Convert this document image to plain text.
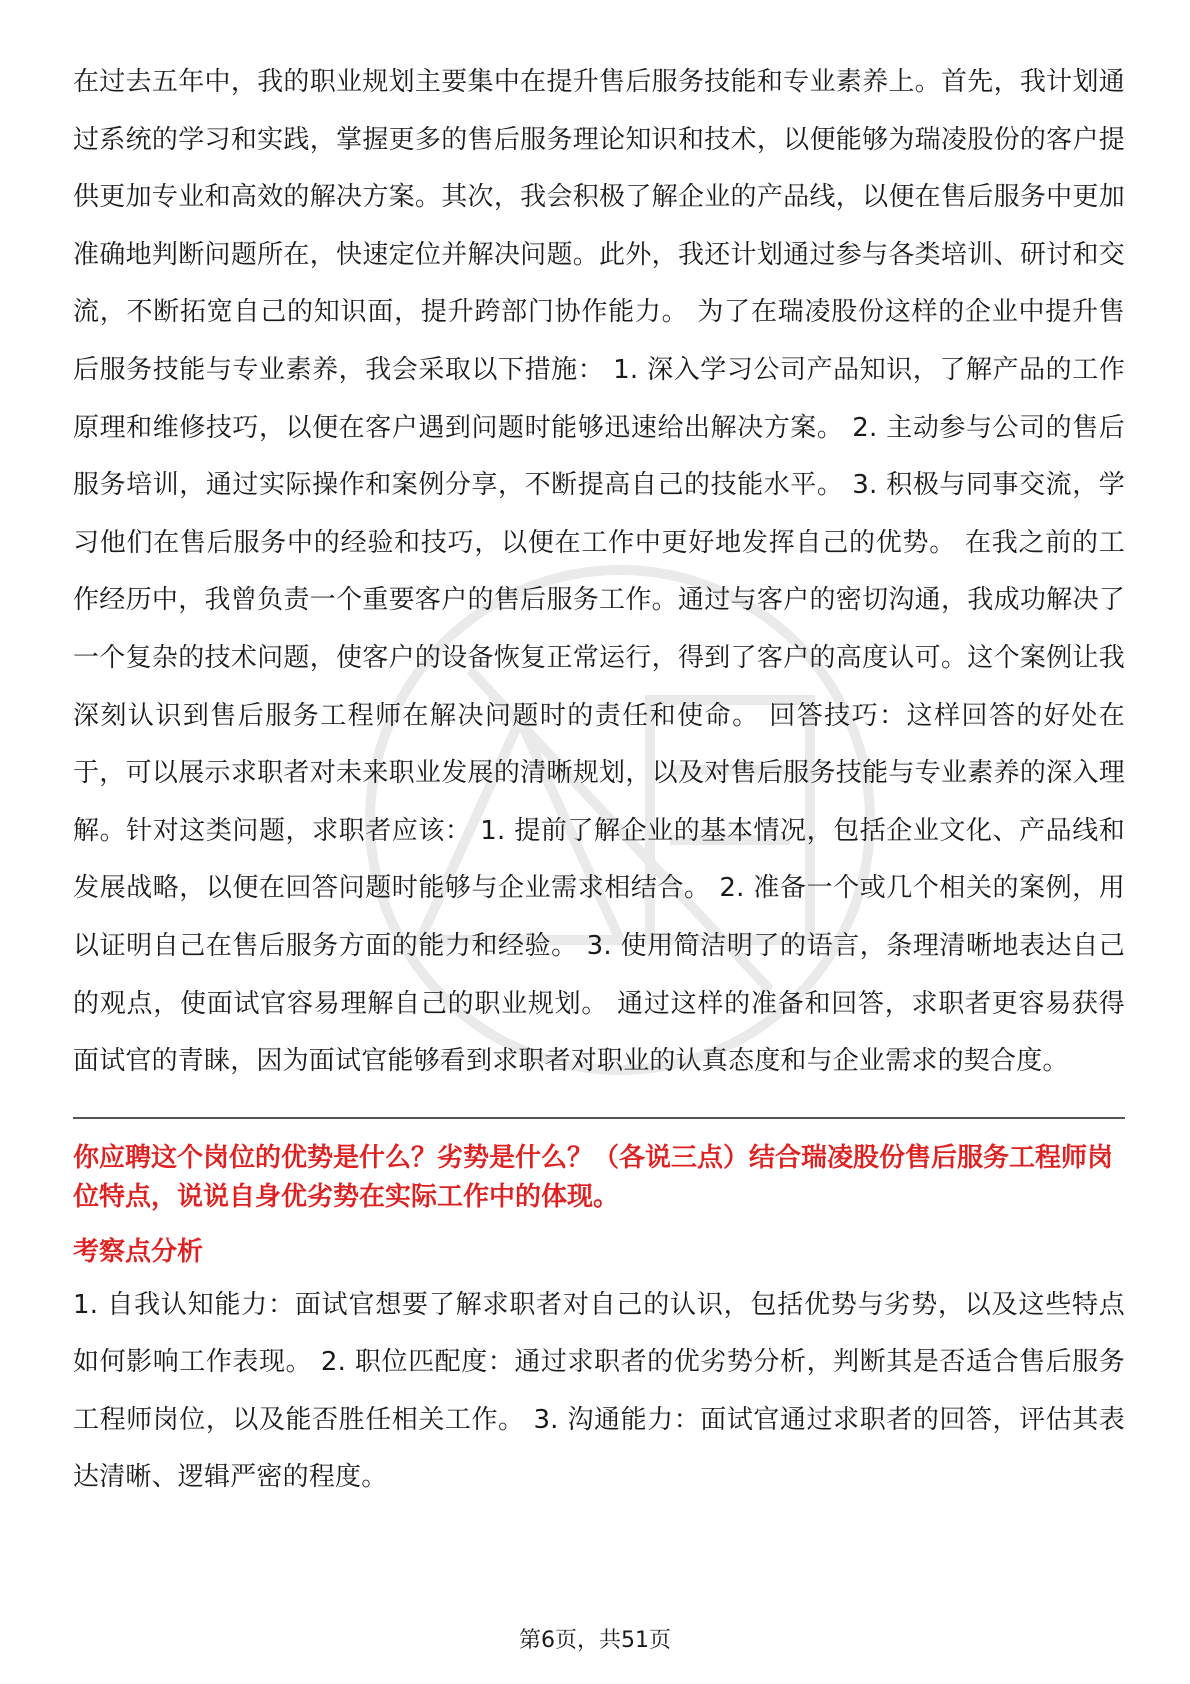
在过去五年中，我的职业规划主要集中在提升售后服务技能和专业素养上。首先，我计划通过系统的学习和实践，掌握更多的售后服务理论知识和技术，以便能够为瑞凌股份的客户提供更加专业和高效的解决方案。其次，我会积极了解企业的产品线，以便在售后服务中更加准确地判断问题所在，快速定位并解决问题。此外，我还计划通过参与各类培训、研讨和交流，不断拓宽自己的知识面，提升跨部门协作能力。 为了在瑞凌股份这样的企业中提升售后服务技能与专业素养，我会采取以下措施： 1. 深入学习公司产品知识，了解产品的工作原理和维修技巧，以便在客户遇到问题时能够迅速给出解决方案。 2. 主动参与公司的售后服务培训，通过实际操作和案例分享，不断提高自己的技能水平。 3. 积极与同事交流，学习他们在售后服务中的经验和技巧，以便在工作中更好地发挥自己的优势。 在我之前的工作经历中，我曾负责一个重要客户的售后服务工作。通过与客户的密切沟通，我成功解决了一个复杂的技术问题，使客户的设备恢复正常运行，得到了客户的高度认可。这个案例让我深刻认识到售后服务工程师在解决问题时的责任和使命。 回答技巧：这样回答的好处在于，可以展示求职者对未来职业发展的清晰规划，以及对售后服务技能与专业素养的深入理解。针对这类问题，求职者应该： 1. 提前了解企业的基本情况，包括企业文化、产品线和发展战略，以便在回答问题时能够与企业需求相结合。 2. 准备一个或几个相关的案例，用以证明自己在售后服务方面的能力和经验。 3. 使用简洁明了的语言，条理清晰地表达自己的观点，使面试官容易理解自己的职业规划。 通过这样的准备和回答，求职者更容易获得面试官的青睐，因为面试官能够看到求职者对职业的认真态度和与企业需求的契合度。

你应聘这个岗位的优势是什么？劣势是什么？（各说三点）结合瑞凌股份售后服务工程师岗位特点，说说自身优劣势在实际工作中的体现。

考察点分析

1. 自我认知能力：面试官想要了解求职者对自己的认识，包括优势与劣势，以及这些特点如何影响工作表现。 2. 职位匹配度：通过求职者的优劣势分析，判断其是否适合售后服务工程师岗位，以及能否胜任相关工作。 3. 沟通能力：面试官通过求职者的回答，评估其表达清晰、逻辑严密的程度。

第6页，共51页
